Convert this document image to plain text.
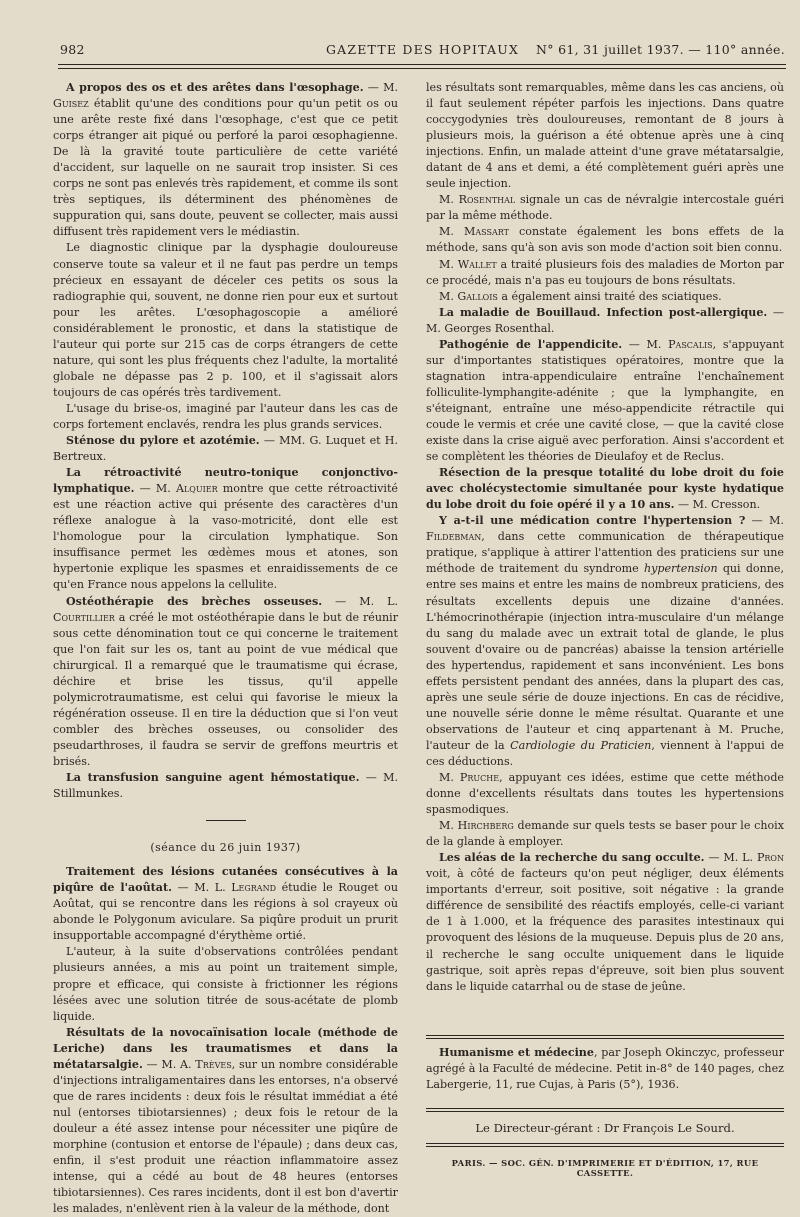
982	GAZETTE DES HOPITAUX	N° 61, 31 juillet 1937. — 110° année.

A propos des os et des arêtes dans l'œsophage. — M. Guisez établit qu'une des conditions pour qu'un petit os ou une arête reste fixé dans l'œsophage, c'est que ce petit corps étranger ait piqué ou perforé la paroi œsophagienne. De là la gravité toute particulière de cette variété d'accident, sur laquelle on ne saurait trop insister. Si ces corps ne sont pas enlevés très rapidement, et comme ils sont très septiques, ils déterminent des phénomènes de suppuration qui, sans doute, peuvent se collecter, mais aussi diffusent très rapidement vers le médiastin.

Le diagnostic clinique par la dysphagie douloureuse conserve toute sa valeur et il ne faut pas perdre un temps précieux en essayant de déceler ces petits os sous la radiographie qui, souvent, ne donne rien pour eux et surtout pour les arêtes. L'œsophagoscopie a amélioré considérablement le pronostic, et dans la statistique de l'auteur qui porte sur 215 cas de corps étrangers de cette nature, qui sont les plus fréquents chez l'adulte, la mortalité globale ne dépasse pas 2 p. 100, et il s'agissait alors toujours de cas opérés très tardivement.

L'usage du brise-os, imaginé par l'auteur dans les cas de corps fortement enclavés, rendra les plus grands services.

Sténose du pylore et azotémie. — MM. G. Luquet et H. Bertreux.

La rétroactivité neutro-tonique conjonctivo-lymphatique. — M. Alquier montre que cette rétroactivité est une réaction active qui présente des caractères d'un réflexe analogue à la vaso-motricité, dont elle est l'homologue pour la circulation lymphatique. Son insuffisance permet les œdèmes mous et atones, son hypertonie explique les spasmes et enraidissements de ce qu'en France nous appelons la cellulite.

Ostéothérapie des brèches osseuses. — M. L. Courtillier a créé le mot ostéothérapie dans le but de réunir sous cette dénomination tout ce qui concerne le traitement que l'on fait sur les os, tant au point de vue médical que chirurgical. Il a remarqué que le traumatisme qui écrase, déchire et brise les tissus, qu'il appelle polymicrotraumatisme, est celui qui favorise le mieux la régénération osseuse. Il en tire la déduction que si l'on veut combler des brèches osseuses, ou consolider des pseudarthroses, il faudra se servir de greffons meurtris et brisés.

La transfusion sanguine agent hémostatique. — M. Stillmunkes.

(séance du 26 juin 1937)

Traitement des lésions cutanées consécutives à la piqûre de l'aoûtat. — M. L. Legrand étudie le Rouget ou Aoûtat, qui se rencontre dans les régions à sol crayeux où abonde le Polygonum aviculare. Sa piqûre produit un prurit insupportable accompagné d'érythème ortié.

L'auteur, à la suite d'observations contrôlées pendant plusieurs années, a mis au point un traitement simple, propre et efficace, qui consiste à frictionner les régions lésées avec une solution titrée de sous-acétate de plomb liquide.

Résultats de la novocaïnisation locale (méthode de Leriche) dans les traumatismes et dans la métatarsalgie. — M. A. Trèves, sur un nombre considérable d'injections intraligamentaires dans les entorses, n'a observé que de rares incidents : deux fois le résultat immédiat a été nul (entorses tibiotarsiennes) ; deux fois le retour de la douleur a été assez intense pour nécessiter une piqûre de morphine (contusion et entorse de l'épaule) ; dans deux cas, enfin, il s'est produit une réaction inflammatoire assez intense, qui a cédé au bout de 48 heures (entorses tibiotarsiennes). Ces rares incidents, dont il est bon d'avertir les malades, n'enlèvent rien à la valeur de la méthode, dont

les résultats sont remarquables, même dans les cas anciens, où il faut seulement répéter parfois les injections. Dans quatre coccygodynies très douloureuses, remontant de 8 jours à plusieurs mois, la guérison a été obtenue après une à cinq injections. Enfin, un malade atteint d'une grave métatarsalgie, datant de 4 ans et demi, a été complètement guéri après une seule injection.

M. Rosenthal signale un cas de névralgie intercostale guéri par la même méthode.

M. Massart constate également les bons effets de la méthode, sans qu'à son avis son mode d'action soit bien connu.

M. Wallet a traité plusieurs fois des maladies de Morton par ce procédé, mais n'a pas eu toujours de bons résultats.

M. Gallois a également ainsi traité des sciatiques.

La maladie de Bouillaud. Infection post-allergique. — M. Georges Rosenthal.

Pathogénie de l'appendicite. — M. Pascalis, s'appuyant sur d'importantes statistiques opératoires, montre que la stagnation intra-appendiculaire entraîne l'enchaînement folliculite-lymphangite-adénite ; que la lymphangite, en s'éteignant, entraîne une méso-appendicite rétractile qui coude le vermis et crée une cavité close, — que la cavité close existe dans la crise aiguë avec perforation. Ainsi s'accordent et se complètent les théories de Dieulafoy et de Reclus.

Résection de la presque totalité du lobe droit du foie avec cholécystectomie simultanée pour kyste hydatique du lobe droit du foie opéré il y a 10 ans. — M. Cresson.

Y a-t-il une médication contre l'hypertension ? — M. Fildebman, dans cette communication de thérapeutique pratique, s'applique à attirer l'attention des praticiens sur une méthode de traitement du syndrome hypertension qui donne, entre ses mains et entre les mains de nombreux praticiens, des résultats excellents depuis une dizaine d'années. L'hémocrinothérapie (injection intra-musculaire d'un mélange du sang du malade avec un extrait total de glande, le plus souvent d'ovaire ou de pancréas) abaisse la tension artérielle des hypertendus, rapidement et sans inconvénient. Les bons effets persistent pendant des années, dans la plupart des cas, après une seule série de douze injections. En cas de récidive, une nouvelle série donne le même résultat. Quarante et une observations de l'auteur et cinq appartenant à M. Pruche, l'auteur de la Cardiologie du Praticien, viennent à l'appui de ces déductions.

M. Pruche, appuyant ces idées, estime que cette méthode donne d'excellents résultats dans toutes les hypertensions spasmodiques.

M. Hirchberg demande sur quels tests se baser pour le choix de la glande à employer.

Les aléas de la recherche du sang occulte. — M. L. Pron voit, à côté de facteurs qu'on peut négliger, deux éléments importants d'erreur, soit positive, soit négative : la grande différence de sensibilité des réactifs employés, celle-ci variant de 1 à 1.000, et la fréquence des parasites intestinaux qui provoquent des lésions de la muqueuse. Depuis plus de 20 ans, il recherche le sang occulte uniquement dans le liquide gastrique, soit après repas d'épreuve, soit bien plus souvent dans le liquide catarrhal ou de stase de jeûne.

Humanisme et médecine, par Joseph Okinczyc, professeur agrégé à la Faculté de médecine. Petit in-8° de 140 pages, chez Labergerie, 11, rue Cujas, à Paris (5°), 1936.

Le Directeur-gérant : Dr François Le Sourd.
PARIS. — SOC. GÉN. D'IMPRIMERIE ET D'ÉDITION, 17, RUE CASSETTE.
